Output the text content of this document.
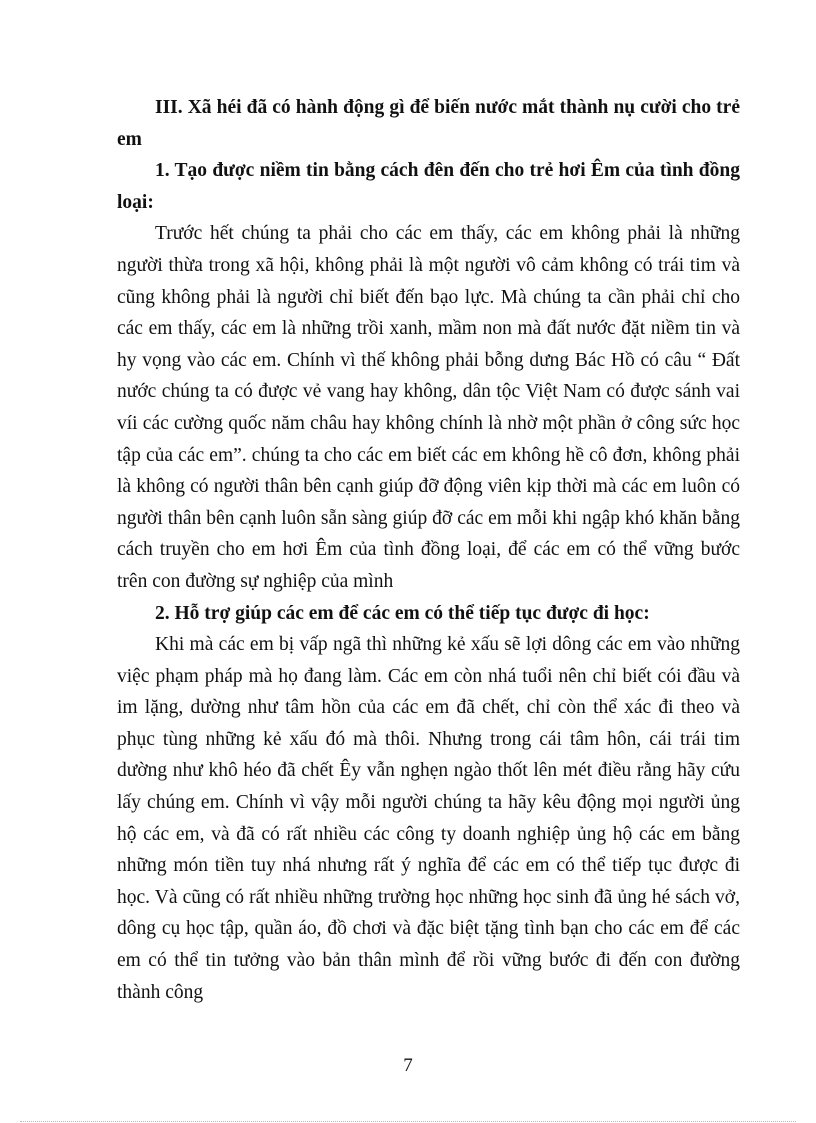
III. Xã héi đã có hành động gì để biến nước mắt thành nụ cười cho trẻ em

1. Tạo được niềm tin bằng cách đên đến cho trẻ hơi Êm của tình đồng loại:

Trước hết chúng ta phải cho các em thấy, các em không phải là những người thừa trong xã hội, không phải là một người vô cảm không có trái tim và cũng không phải là người chỉ biết đến bạo lực. Mà chúng ta cần phải chỉ cho các em thấy, các em là những trồi xanh, mầm non mà đất nước đặt niềm tin và hy vọng vào các em. Chính vì thế không phải bỗng dưng Bác Hồ có câu “ Đất nước chúng ta có được vẻ vang hay không, dân tộc Việt Nam có được sánh vai víi các cường quốc năm châu hay không chính là nhờ một phần ở công sức học tập của các em”. chúng ta cho các em biết các em không hề cô đơn, không phải là không có người thân bên cạnh giúp đỡ động viên kịp thời mà các em luôn có người thân bên cạnh luôn sẵn sàng giúp đỡ các em mỗi khi ngập khó khăn bằng cách truyền cho em hơi Êm của tình đồng loại, để các em có thể vững bước trên con đường sự nghiệp của mình

2. Hỗ trợ giúp các em để các em có thể tiếp tục được đi học:

Khi mà các em bị vấp ngã thì những kẻ xấu sẽ lợi dông các em vào những việc phạm pháp mà họ đang làm. Các em còn nhá tuổi nên chỉ biết cói đầu và im lặng, dường như tâm hồn của các em đã chết, chỉ còn thể xác đi theo và phục tùng những kẻ xấu đó mà thôi. Nhưng trong cái tâm hôn, cái trái tim dường như khô héo đã chết Êy vẫn nghẹn ngào thốt lên mét điều rằng hãy cứu lấy chúng em. Chính vì vậy mỗi người chúng ta hãy kêu động mọi người ủng hộ các em, và đã có rất nhiều các công ty doanh nghiệp ủng hộ các em bằng những món tiền tuy nhá nhưng rất ý nghĩa để các em có thể tiếp tục được đi học. Và cũng có rất nhiều những trường học những học sinh đã ủng hé sách vở, dông cụ học tập, quần áo, đồ chơi và đặc biệt tặng tình bạn cho các em để các em có thể tin tưởng vào bản thân mình để rồi vững bước đi đến con đường thành công

7
